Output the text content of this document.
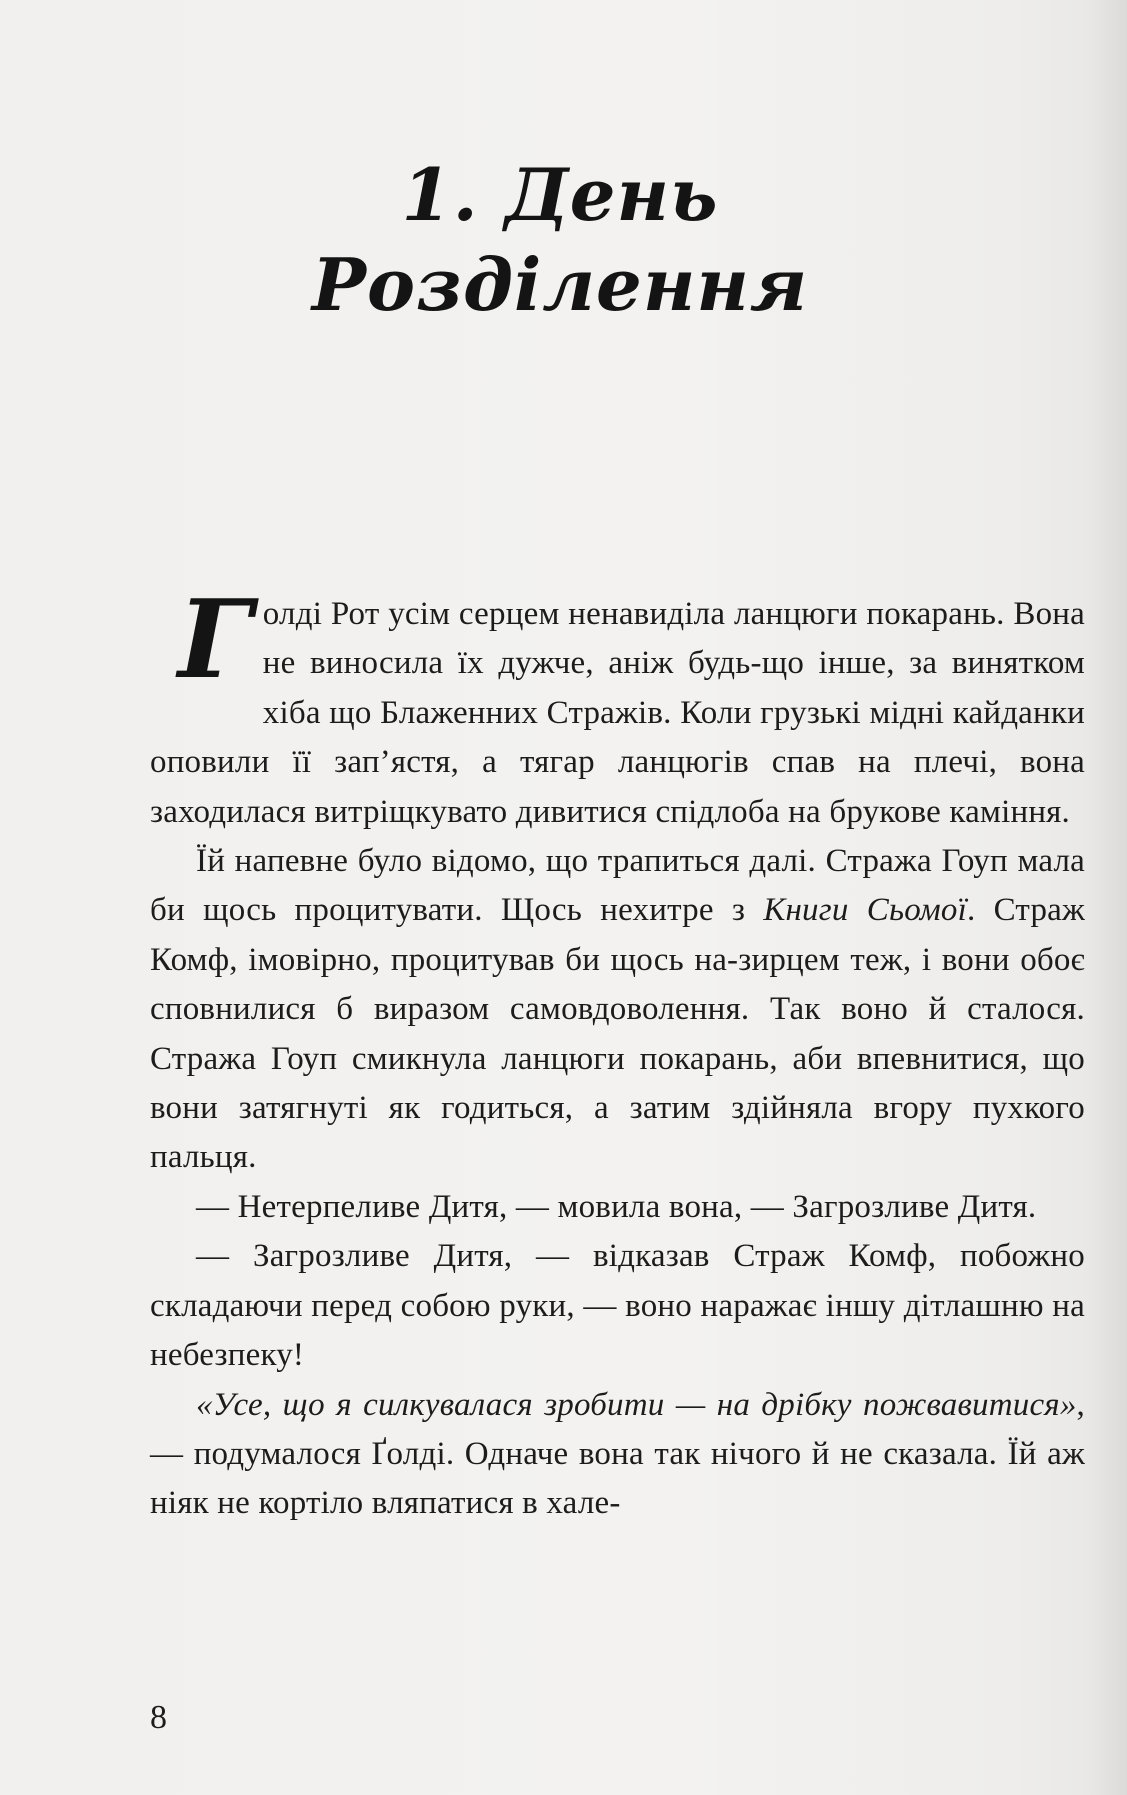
1. День Розділення

Голді Рот усім серцем ненавиділа ланцюги покарань. Вона не виносила їх дужче, аніж будь-що інше, за винятком хіба що Блаженних Стражів. Коли грузькі мідні кайданки оповили її зап’ястя, а тягар ланцюгів спав на плечі, вона заходилася витріщкувато дивитися спідлоба на брукове каміння.

Їй напевне було відомо, що трапиться далі. Стража Гоуп мала би щось процитувати. Щось нехитре з Книги Сьомої. Страж Комф, імовірно, процитував би щось на-зирцем теж, і вони обоє сповнилися б виразом самовдоволення. Так воно й сталося. Стража Гоуп смикнула ланцюги покарань, аби впевнитися, що вони затягнуті як годиться, а затим здійняла вгору пухкого пальця.

— Нетерпеливе Дитя, — мовила вона, — Загрозливе Дитя.

— Загрозливе Дитя, — відказав Страж Комф, побожно складаючи перед собою руки, — воно наражає іншу дітлашню на небезпеку!

«Усе, що я силкувалася зробити — на дрібку пожвавитися», — подумалося Ґолді. Одначе вона так нічого й не сказала. Їй аж ніяк не кортіло вляпатися в хале-

8
